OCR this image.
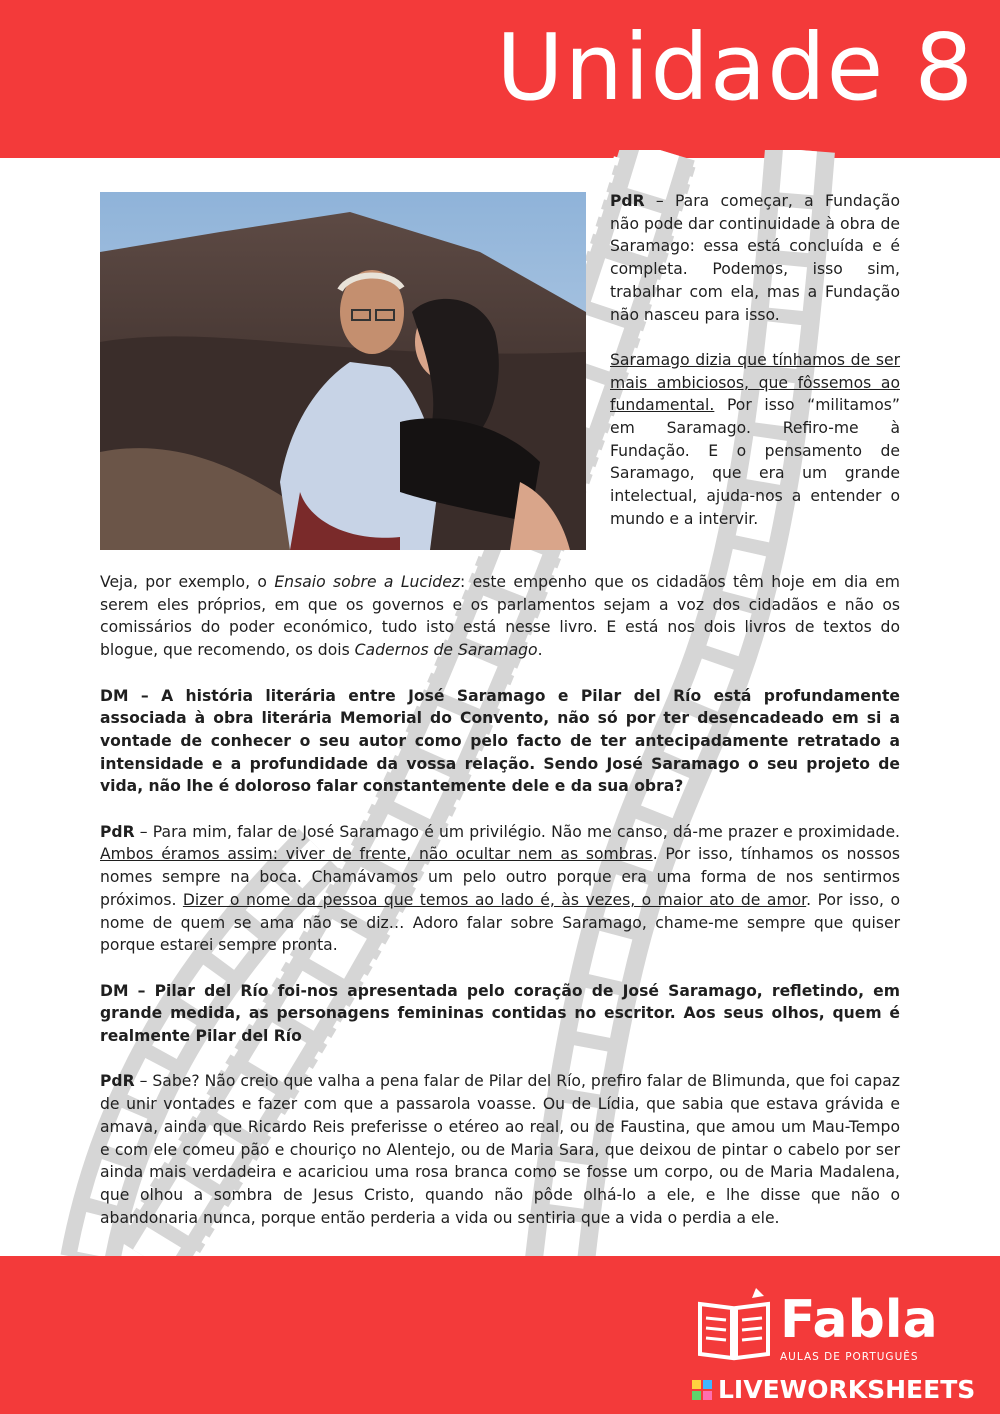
Unidade 8

PdR – Para começar, a Fundação não pode dar continuidade à obra de Saramago: essa está concluída e é completa. Podemos, isso sim, trabalhar com ela, mas a Fundação não nasceu para isso.

Saramago dizia que tínhamos de ser mais ambiciosos, que fôssemos ao fundamental. Por isso “militamos” em Saramago. Refiro-me à Fundação. E o pensamento de Saramago, que era um grande intelectual, ajuda-nos a entender o mundo e a intervir.

Veja, por exemplo, o Ensaio sobre a Lucidez: este empenho que os cidadãos têm hoje em dia em serem eles próprios, em que os governos e os parlamentos sejam a voz dos cidadãos e não os comissários do poder económico, tudo isto está nesse livro. E está nos dois livros de textos do blogue, que recomendo, os dois Cadernos de Saramago.

DM – A história literária entre José Saramago e Pilar del Río está profundamente associada à obra literária Memorial do Convento, não só por ter desencadeado em si a vontade de conhecer o seu autor como pelo facto de ter antecipadamente retratado a intensidade e a profundidade da vossa relação. Sendo José Saramago o seu projeto de vida, não lhe é doloroso falar constantemente dele e da sua obra?

PdR – Para mim, falar de José Saramago é um privilégio. Não me canso, dá-me prazer e proximidade. Ambos éramos assim: viver de frente, não ocultar nem as sombras. Por isso, tínhamos os nossos nomes sempre na boca. Chamávamos um pelo outro porque era uma forma de nos sentirmos próximos. Dizer o nome da pessoa que temos ao lado é, às vezes, o maior ato de amor. Por isso, o nome de quem se ama não se diz… Adoro falar sobre Saramago, chame-me sempre que quiser porque estarei sempre pronta.

DM – Pilar del Río foi-nos apresentada pelo coração de José Saramago, refletindo, em grande medida, as personagens femininas contidas no escritor. Aos seus olhos, quem é realmente Pilar del Río

PdR – Sabe? Não creio que valha a pena falar de Pilar del Río, prefiro falar de Blimunda, que foi capaz de unir vontades e fazer com que a passarola voasse. Ou de Lídia, que sabia que estava grávida e amava, ainda que Ricardo Reis preferisse o etéreo ao real, ou de Faustina, que amou um Mau-Tempo e com ele comeu pão e chouriço no Alentejo, ou de Maria Sara, que deixou de pintar o cabelo por ser ainda mais verdadeira e acariciou uma rosa branca como se fosse um corpo, ou de Maria Madalena, que olhou a sombra de Jesus Cristo, quando não pôde olhá-lo a ele, e lhe disse que não o abandonaria nunca, porque então perderia a vida ou sentiria que a vida o perdia a ele.

Fabla
AULAS DE PORTUGUÊS
LIVEWORKSHEETS
